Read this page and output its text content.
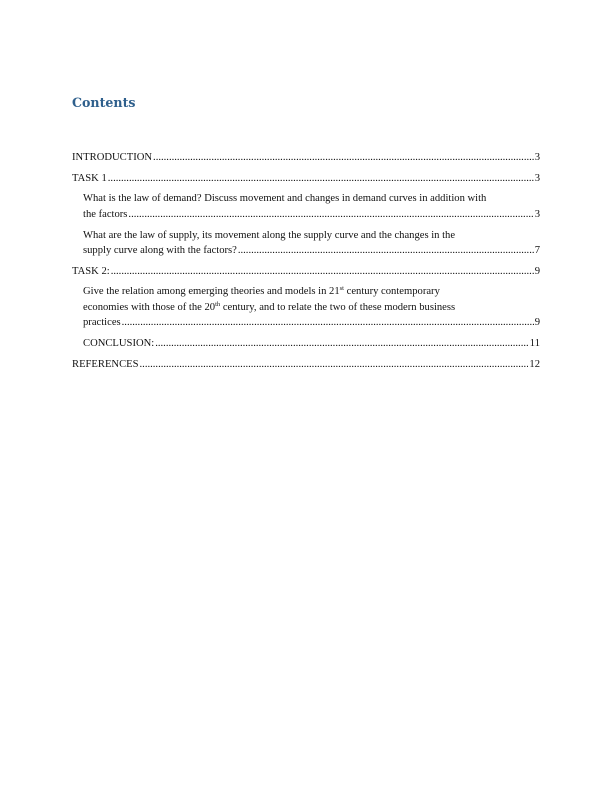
Contents
INTRODUCTION .....	3
TASK 1 .....	3
What is the law of demand? Discuss movement and changes in demand curves in addition with
the factors .....	3
What are the law of supply, its movement along the supply curve and the changes in the
supply curve along with the factors? .....	7
TASK 2: .....	9
Give the relation among emerging theories and models in 21st century contemporary
economies with those of the 20th century, and to relate the two of these modern business
practices .....	9
CONCLUSION: .....	11
REFERENCES .....	12
